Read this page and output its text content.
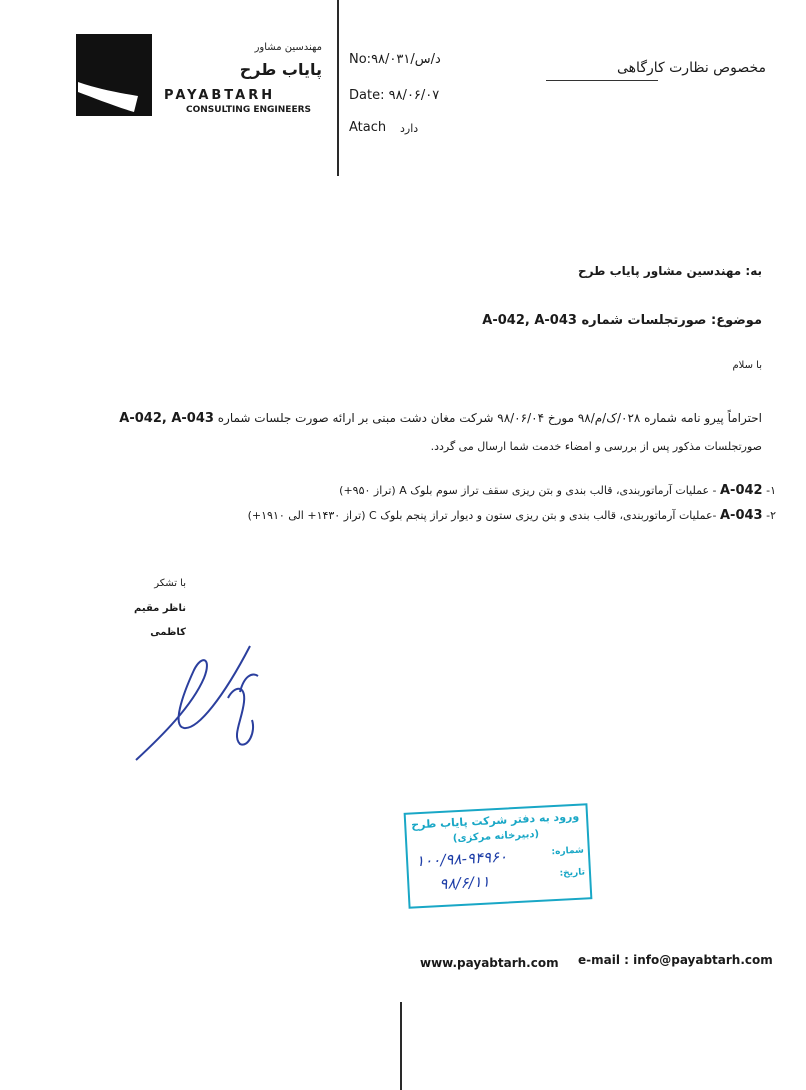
مهندسین مشاور
پاياب طرح
PAYABTARH
CONSULTING ENGINEERS
No:۹۸/د/س/۰۳۱
Date: ۹۸/۰۶/۰۷
Atach دارد
مخصوص نظارت کارگاهی
به: مهندسین مشاور پاياب طرح
موضوع: صورتجلسات شماره A-042, A-043
با سلام
احتراماً پیرو نامه شماره ۰۲۸/ک/م/۹۸ مورخ ۹۸/۰۶/۰۴ شرکت مغان دشت مبنی بر ارائه صورت جلسات شماره A-042, A-043
صورتجلسات مذکور پس از بررسی و امضاء خدمت شما ارسال می گردد.
۱- A-042 - عملیات آرماتوربندی، قالب بندی و بتن ریزی سقف تراز سوم بلوک A (تراز ۹۵۰+)
۲- A-043 -عملیات آرماتوربندی، قالب بندی و بتن ریزی ستون و دیوار تراز پنجم بلوک C (تراز ۱۴۳۰+ الی ۱۹۱۰+)
با تشکر
ناظر مقیم
کاظمی
ورود به دفتر شرکت پاياب طرح
(دبیرخانه مرکزی)
شماره:
تاریخ:
۱۰۰/۹۸-۹۴۹۶۰
۹۸/۶/۱۱
www.payabtarh.com e-mail : info@payabtarh.com
